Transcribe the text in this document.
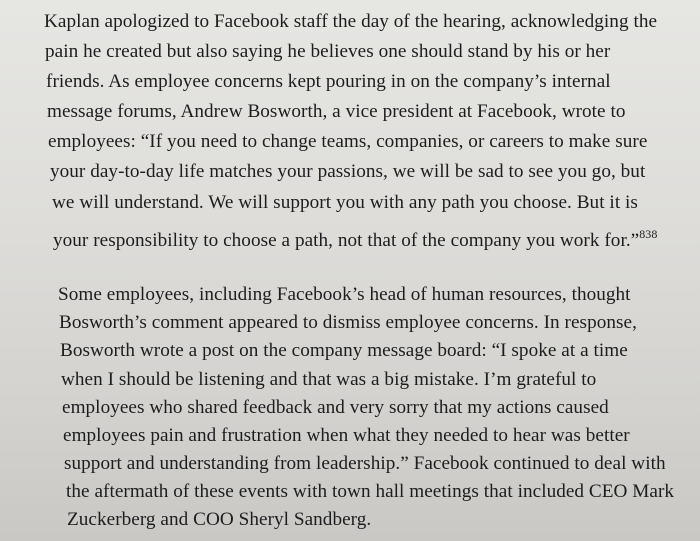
Kaplan apologized to Facebook staff the day of the hearing, acknowledging the
pain he created but also saying he believes one should stand by his or her
friends. As employee concerns kept pouring in on the company’s internal
message forums, Andrew Bosworth, a vice president at Facebook, wrote to
employees: “If you need to change teams, companies, or careers to make sure
your day-to-day life matches your passions, we will be sad to see you go, but
we will understand. We will support you with any path you choose. But it is
your responsibility to choose a path, not that of the company you work for.”$^{838}$
Some employees, including Facebook’s head of human resources, thought
Bosworth’s comment appeared to dismiss employee concerns. In response,
Bosworth wrote a post on the company message board: “I spoke at a time
when I should be listening and that was a big mistake. I’m grateful to
employees who shared feedback and very sorry that my actions caused
employees pain and frustration when what they needed to hear was better
support and understanding from leadership.” Facebook continued to deal with
the aftermath of these events with town hall meetings that included CEO Mark
Zuckerberg and COO Sheryl Sandberg.
